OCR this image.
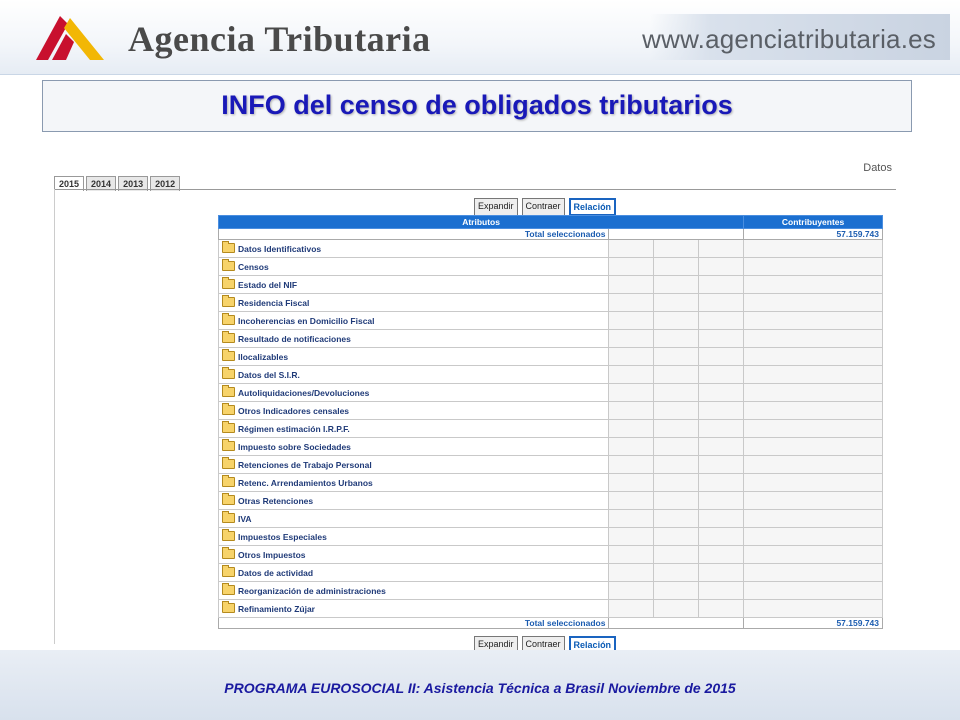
Agencia Tributaria	www.agenciatributaria.es
INFO del censo de obligados tributarios
Datos
2015	2014	2013	2012
Expandir	Contraer	Relación
Atributos				Contribuyentes
Total seleccionados				57.159.743
Datos Identificativos				
Censos				
Estado del NIF				
Residencia Fiscal				
Incoherencias en Domicilio Fiscal				
Resultado de notificaciones				
Ilocalizables				
Datos del S.I.R.				
Autoliquidaciones/Devoluciones				
Otros Indicadores censales				
Régimen estimación I.R.P.F.				
Impuesto sobre Sociedades				
Retenciones de Trabajo Personal				
Retenc. Arrendamientos Urbanos				
Otras Retenciones				
IVA				
Impuestos Especiales				
Otros Impuestos				
Datos de actividad				
Reorganización de administraciones				
Refinamiento Zújar				
Total seleccionados				57.159.743
Expandir	Contraer	Relación
PROGRAMA EUROSOCIAL II: Asistencia Técnica a Brasil Noviembre de 2015
